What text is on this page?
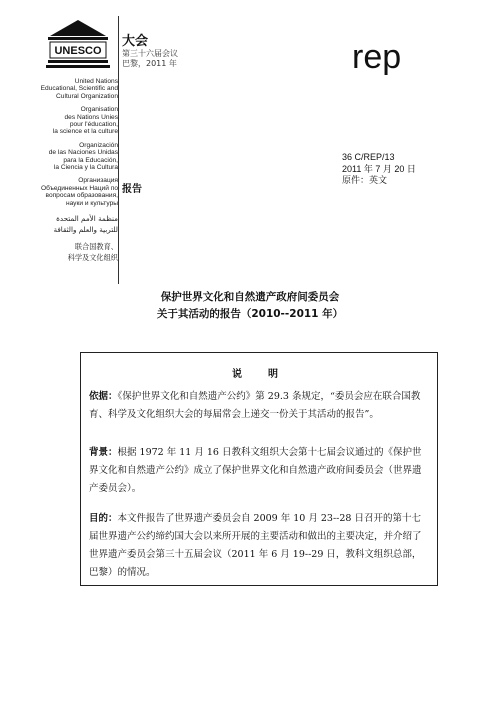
UNESCO
United Nations
Educational, Scientific and
Cultural Organization
Organisation
des Nations Unies
pour l'éducation,
la science et la culture
Organización
de las Naciones Unidas
para la Educación,
la Ciencia y la Cultura
Организация
Объединенных Наций по
вопросам образования,
науки и культуры
منظمة الأمم المتحدة
للتربية والعلم والثقافة
联合国教育、
科学及文化组织
大会
第三十六届会议
巴黎，2011 年	rep
报告
36 C/REP/13
2011 年 7 月 20 日
原件：英文
保护世界文化和自然遗产政府间委员会
关于其活动的报告（2010--2011 年）
说　明
依据：《保护世界文化和自然遗产公约》第 29.3 条规定，“委员会应在联合国教育、科学及文化组织大会的每届常会上递交一份关于其活动的报告”。
背景：根据 1972 年 11 月 16 日教科文组织大会第十七届会议通过的《保护世界文化和自然遗产公约》成立了保护世界文化和自然遗产政府间委员会（世界遗产委员会）。
目的：本文件报告了世界遗产委员会自 2009 年 10 月 23--28 日召开的第十七届世界遗产公约缔约国大会以来所开展的主要活动和做出的主要决定，并介绍了世界遗产委员会第三十五届会议（2011 年 6 月 19--29 日，教科文组织总部，巴黎）的情况。
